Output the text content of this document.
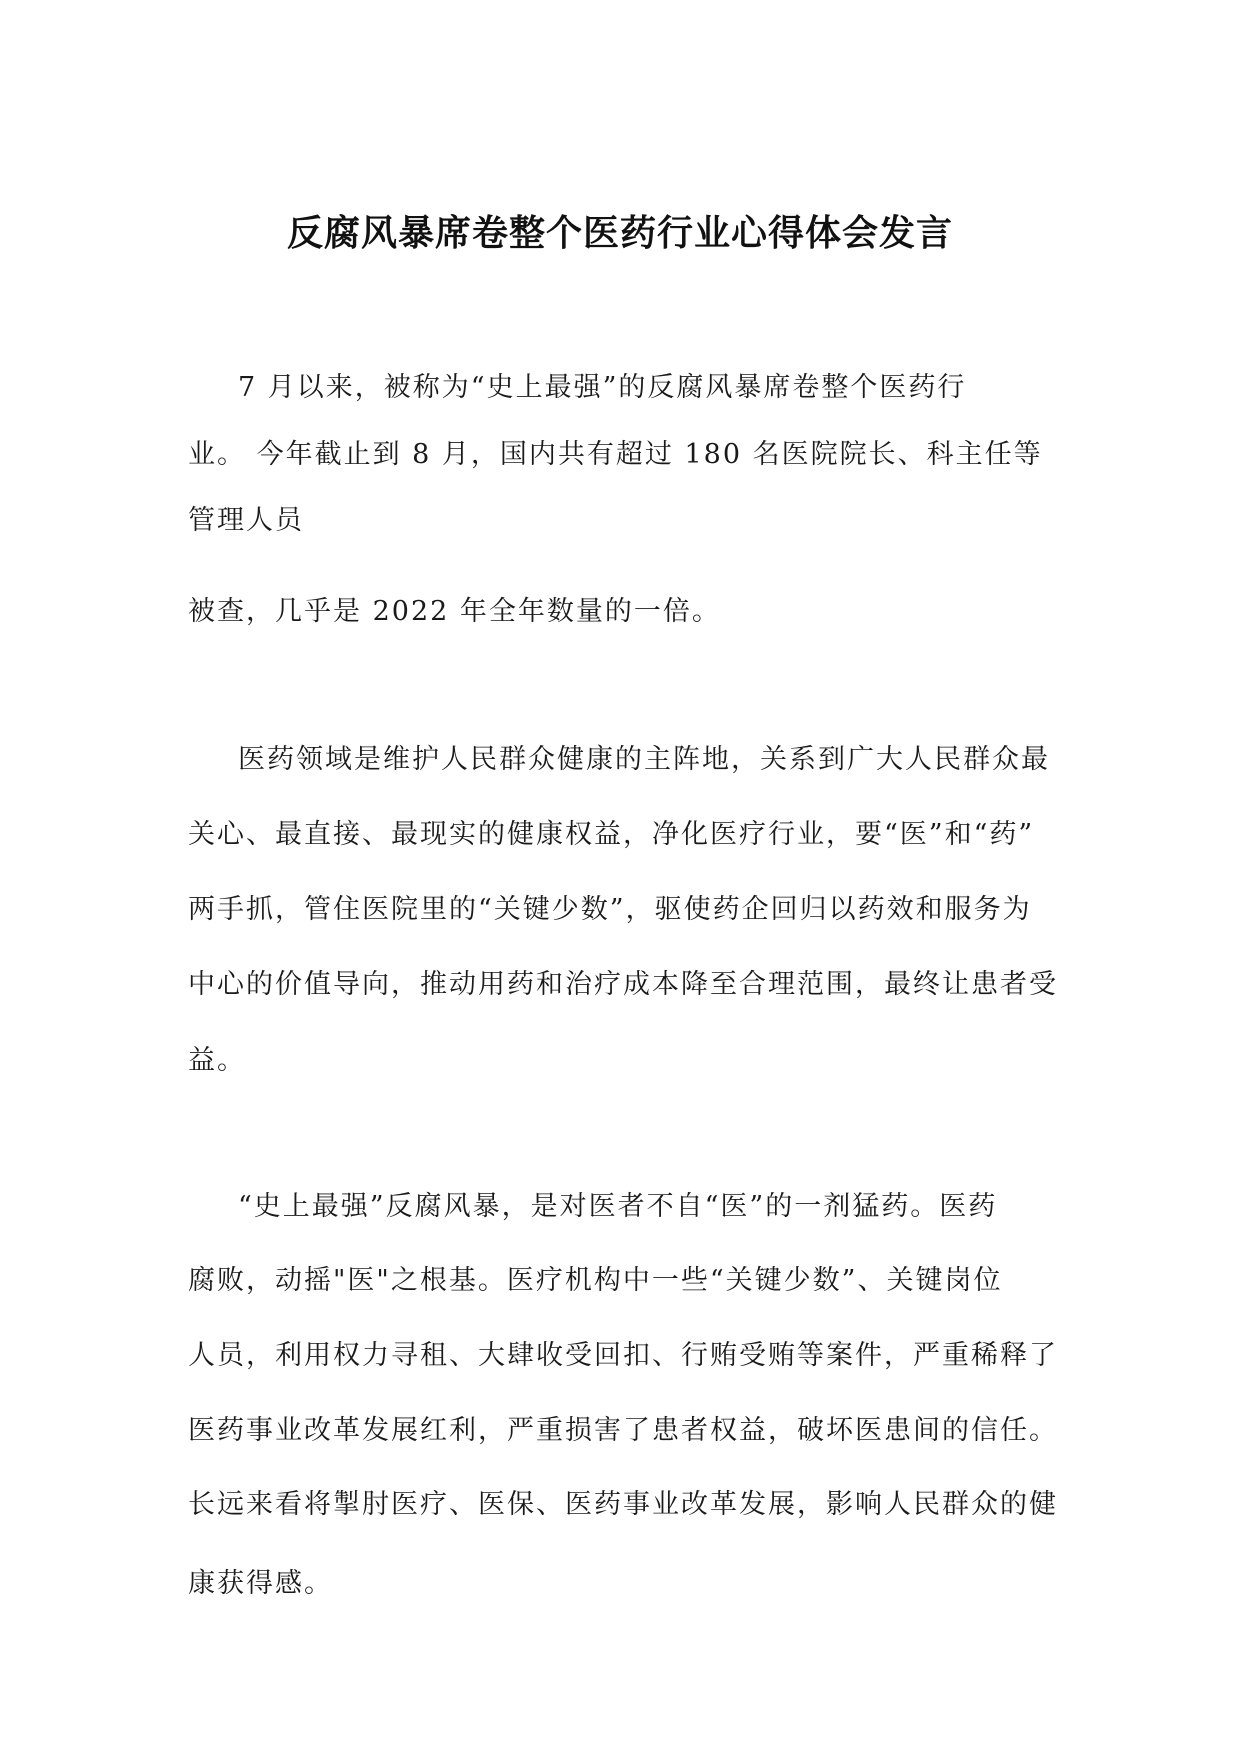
反腐风暴席卷整个医药行业心得体会发言

7 月以来，被称为“史上最强”的反腐风暴席卷整个医药行

业。 今年截止到 8 月，国内共有超过 180 名医院院长、科主任等

管理人员

被查，几乎是 2022 年全年数量的一倍。

医药领域是维护人民群众健康的主阵地，关系到广大人民群众最

关心、最直接、最现实的健康权益，净化医疗行业，要“医”和“药”

两手抓，管住医院里的“关键少数”，驱使药企回归以药效和服务为

中心的价值导向，推动用药和治疗成本降至合理范围，最终让患者受

益。

“史上最强”反腐风暴，是对医者不自“医”的一剂猛药。医药

腐败，动摇"医"之根基。医疗机构中一些“关键少数”、关键岗位

人员，利用权力寻租、大肆收受回扣、行贿受贿等案件，严重稀释了

医药事业改革发展红利，严重损害了患者权益，破坏医患间的信任。

长远来看将掣肘医疗、医保、医药事业改革发展，影响人民群众的健

康获得感。
